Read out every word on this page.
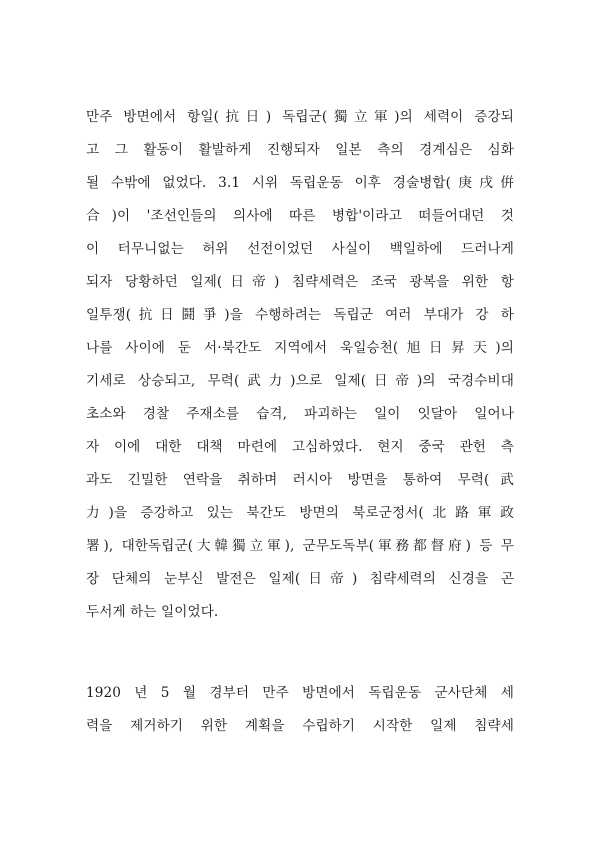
만주 방면에서 항일(抗日) 독립군(獨立軍)의 세력이 증강되
고 그 활동이 활발하게 진행되자 일본 측의 경계심은 심화
될 수밖에 없었다. 3.1 시위 독립운동 이후 경술병합(庚戌倂
合)이 '조선인들의 의사에 따른 병합'이라고 떠들어대던 것
이 터무니없는 허위 선전이었던 사실이 백일하에 드러나게
되자 당황하던 일제(日帝) 침략세력은 조국 광복을 위한 항
일투쟁(抗日鬪爭)을 수행하려는 독립군 여러 부대가 강 하
나를 사이에 둔 서·북간도 지역에서 욱일승천(旭日昇天)의
기세로 상승되고, 무력(武力)으로 일제(日帝)의 국경수비대
초소와 경찰 주재소를 습격, 파괴하는 일이 잇달아 일어나
자 이에 대한 대책 마련에 고심하였다. 현지 중국 관헌 측
과도 긴밀한 연락을 취하며 러시아 방면을 통하여 무력(武
力)을 증강하고 있는 북간도 방면의 북로군정서(北路軍政
署), 대한독립군(大韓獨立軍), 군무도독부(軍務都督府) 등 무
장 단체의 눈부신 발전은 일제(日帝) 침략세력의 신경을 곤
두서게 하는 일이었다.
1920 년 5 월 경부터 만주 방면에서 독립운동 군사단체 세
력을 제거하기 위한 계획을 수립하기 시작한 일제 침략세
